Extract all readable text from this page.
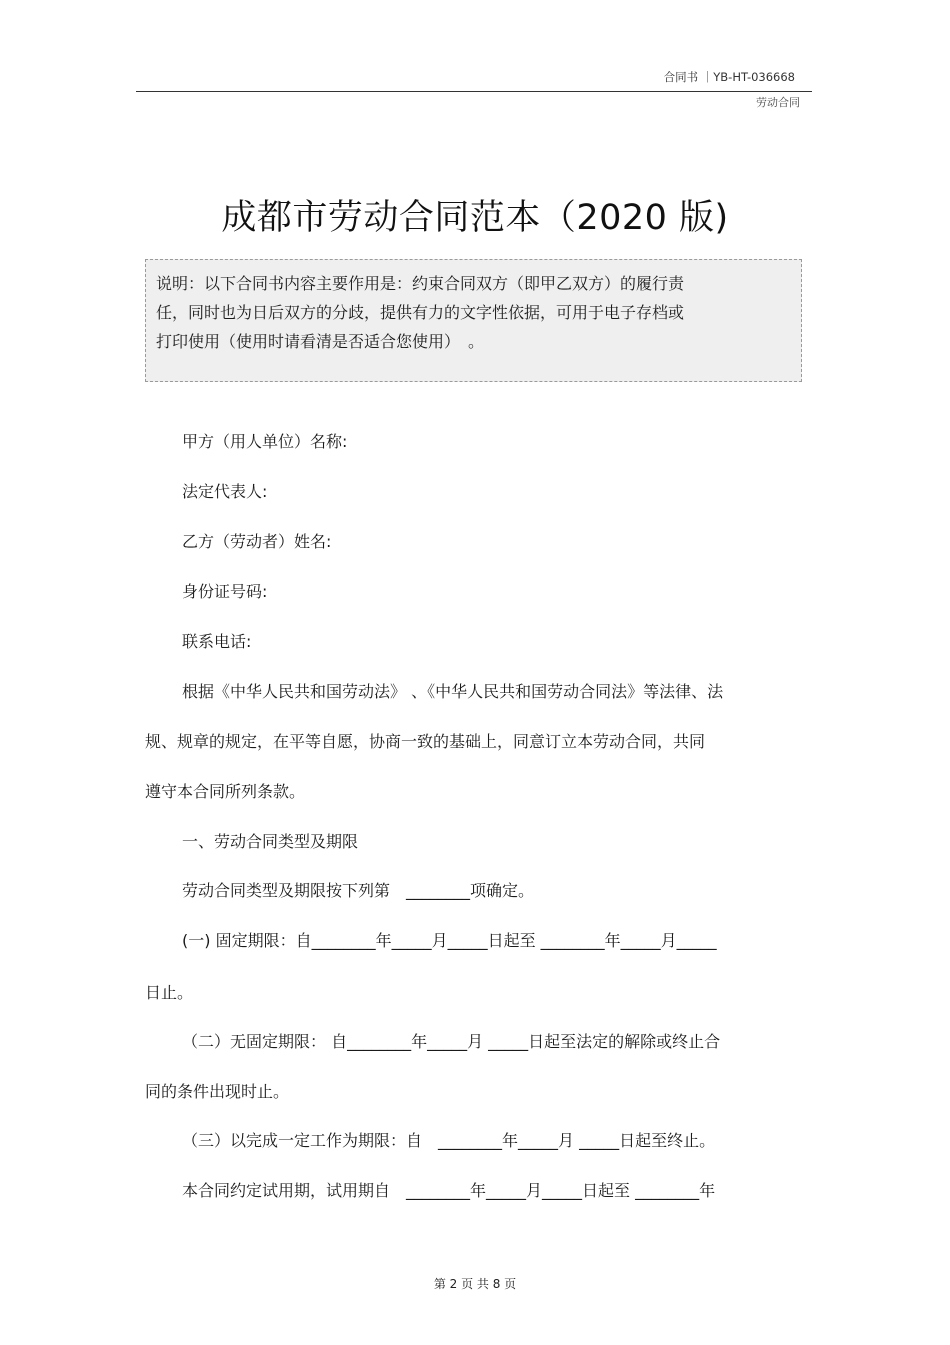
合同书 ｜YB-HT-036668
劳动合同
成都市劳动合同范本（2020 版)
说明：以下合同书内容主要作用是：约束合同双方（即甲乙双方）的履行责
任，同时也为日后双方的分歧，提供有力的文字性依据，可用于电子存档或
打印使用（使用时请看清是否适合您使用）　。
甲方（用人单位）名称:
法定代表人:
乙方（劳动者）姓名:
身份证号码:
联系电话:
根据《中华人民共和国劳动法》 、《中华人民共和国劳动合同法》等法律、法
规、规章的规定，在平等自愿，协商一致的基础上，同意订立本劳动合同，共同
遵守本合同所列条款。
一、劳动合同类型及期限
劳动合同类型及期限按下列第　________项确定。
(一) 固定期限：自________年_____月_____日起至 ________年_____月_____
日止。
（二）无固定期限： 自________年_____月 _____日起至法定的解除或终止合
同的条件出现时止。
（三）以完成一定工作为期限：自　________年_____月 _____日起至终止。
本合同约定试用期，试用期自　________年_____月_____日起至 ________年
第 2 页 共 8 页
